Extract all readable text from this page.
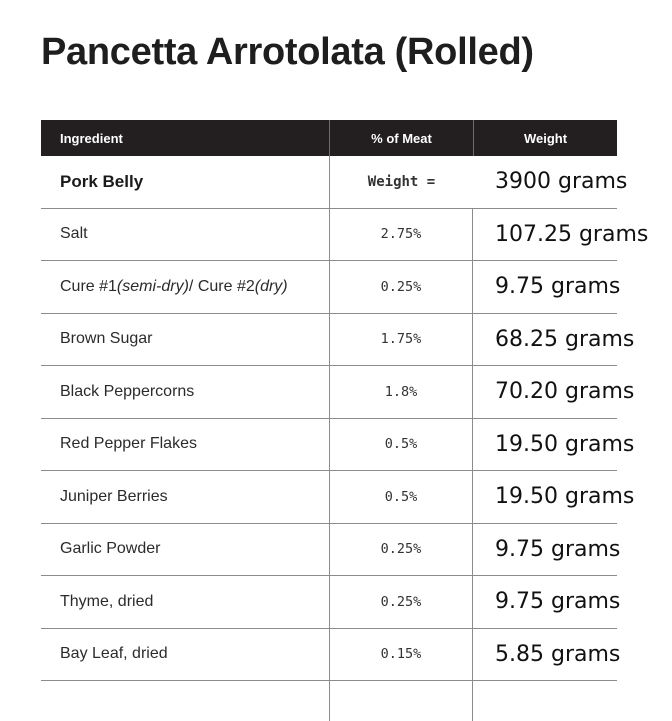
Pancetta Arrotolata (Rolled)
Ingredient	% of Meat	Weight
Pork Belly	Weight =	3900 grams
Salt	2.75%	107.25 grams
Cure #1 (semi-dry) / Cure #2 (dry)	0.25%	9.75 grams
Brown Sugar	1.75%	68.25 grams
Black Peppercorns	1.8%	70.20 grams
Red Pepper Flakes	0.5%	19.50 grams
Juniper Berries	0.5%	19.50 grams
Garlic Powder	0.25%	9.75 grams
Thyme, dried	0.25%	9.75 grams
Bay Leaf, dried	0.15%	5.85 grams
